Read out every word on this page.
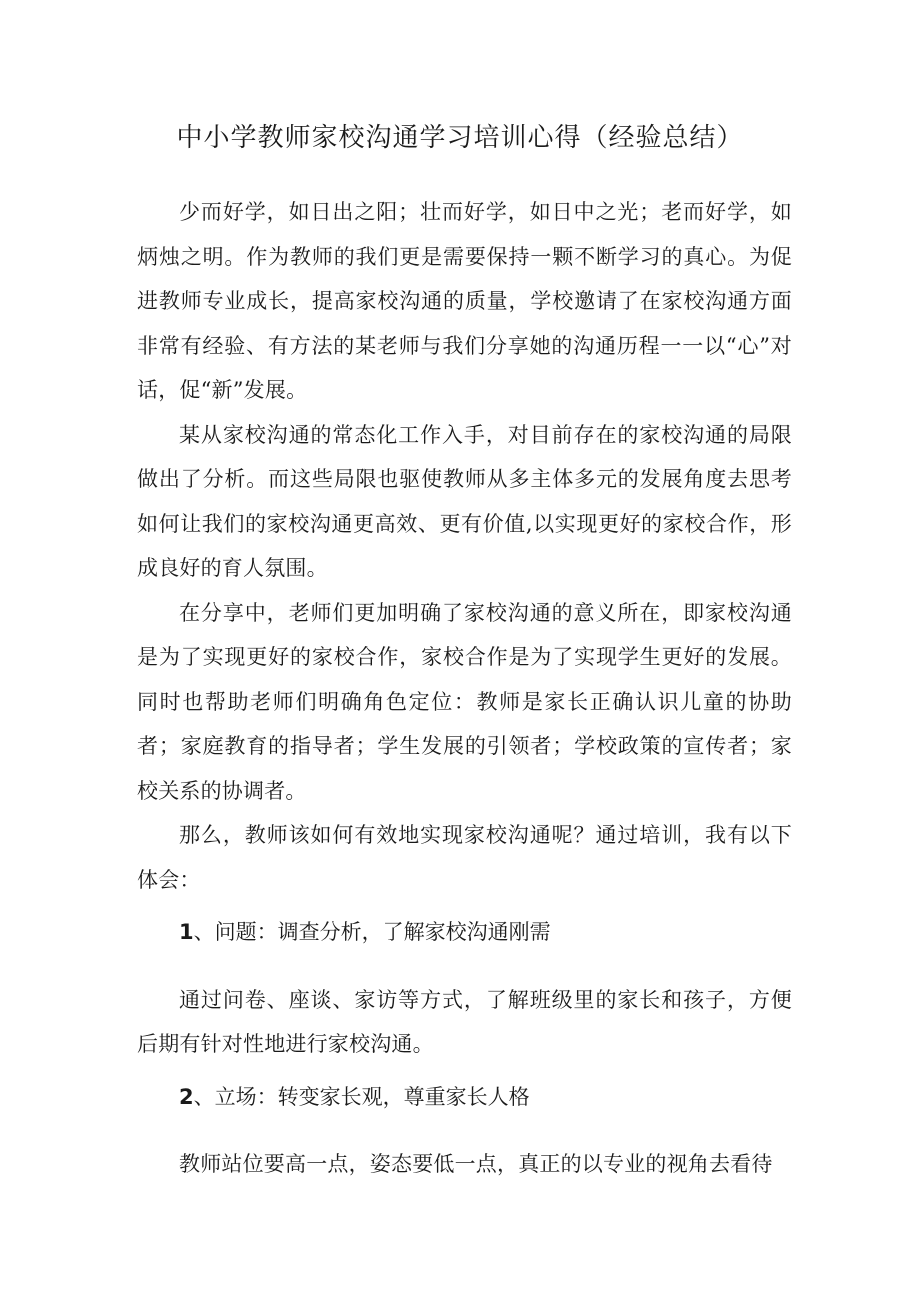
中小学教师家校沟通学习培训心得（经验总结）

少而好学，如日出之阳；壮而好学，如日中之光；老而好学，如炳烛之明。作为教师的我们更是需要保持一颗不断学习的真心。为促进教师专业成长，提高家校沟通的质量，学校邀请了在家校沟通方面非常有经验、有方法的某老师与我们分享她的沟通历程一一以“心”对话，促“新”发展。

某从家校沟通的常态化工作入手，对目前存在的家校沟通的局限做出了分析。而这些局限也驱使教师从多主体多元的发展角度去思考如何让我们的家校沟通更高效、更有价值,以实现更好的家校合作，形成良好的育人氛围。

在分享中，老师们更加明确了家校沟通的意义所在，即家校沟通是为了实现更好的家校合作，家校合作是为了实现学生更好的发展。同时也帮助老师们明确角色定位：教师是家长正确认识儿童的协助者；家庭教育的指导者；学生发展的引领者；学校政策的宣传者；家校关系的协调者。

那么，教师该如何有效地实现家校沟通呢？通过培训，我有以下体会：

1、问题：调查分析，了解家校沟通刚需

通过问卷、座谈、家访等方式，了解班级里的家长和孩子，方便后期有针对性地进行家校沟通。

2、立场：转变家长观，尊重家长人格

教师站位要高一点，姿态要低一点，真正的以专业的视角去看待
